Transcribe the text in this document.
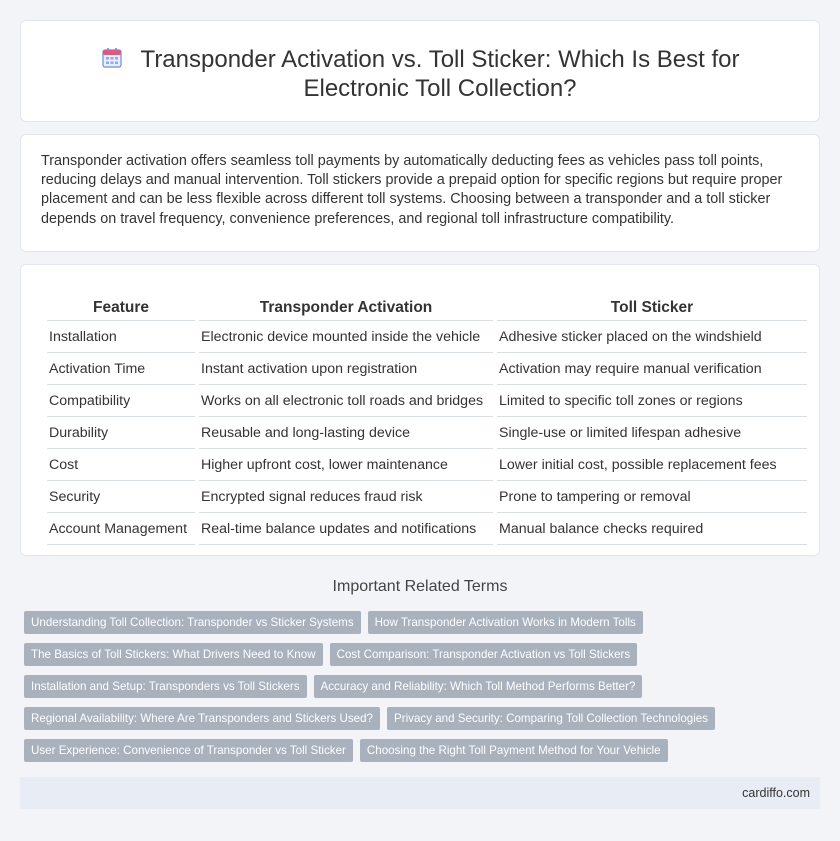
Transponder Activation vs. Toll Sticker: Which Is Best for Electronic Toll Collection?

Transponder activation offers seamless toll payments by automatically deducting fees as vehicles pass toll points, reducing delays and manual intervention. Toll stickers provide a prepaid option for specific regions but require proper placement and can be less flexible across different toll systems. Choosing between a transponder and a toll sticker depends on travel frequency, convenience preferences, and regional toll infrastructure compatibility.

Feature	Transponder Activation	Toll Sticker
Installation	Electronic device mounted inside the vehicle	Adhesive sticker placed on the windshield
Activation Time	Instant activation upon registration	Activation may require manual verification
Compatibility	Works on all electronic toll roads and bridges	Limited to specific toll zones or regions
Durability	Reusable and long-lasting device	Single-use or limited lifespan adhesive
Cost	Higher upfront cost, lower maintenance	Lower initial cost, possible replacement fees
Security	Encrypted signal reduces fraud risk	Prone to tampering or removal
Account Management	Real-time balance updates and notifications	Manual balance checks required
Important Related Terms
Understanding Toll Collection: Transponder vs Sticker Systems	How Transponder Activation Works in Modern Tolls
The Basics of Toll Stickers: What Drivers Need to Know	Cost Comparison: Transponder Activation vs Toll Stickers
Installation and Setup: Transponders vs Toll Stickers	Accuracy and Reliability: Which Toll Method Performs Better?
Regional Availability: Where Are Transponders and Stickers Used?	Privacy and Security: Comparing Toll Collection Technologies
User Experience: Convenience of Transponder vs Toll Sticker	Choosing the Right Toll Payment Method for Your Vehicle
cardiffo.com
